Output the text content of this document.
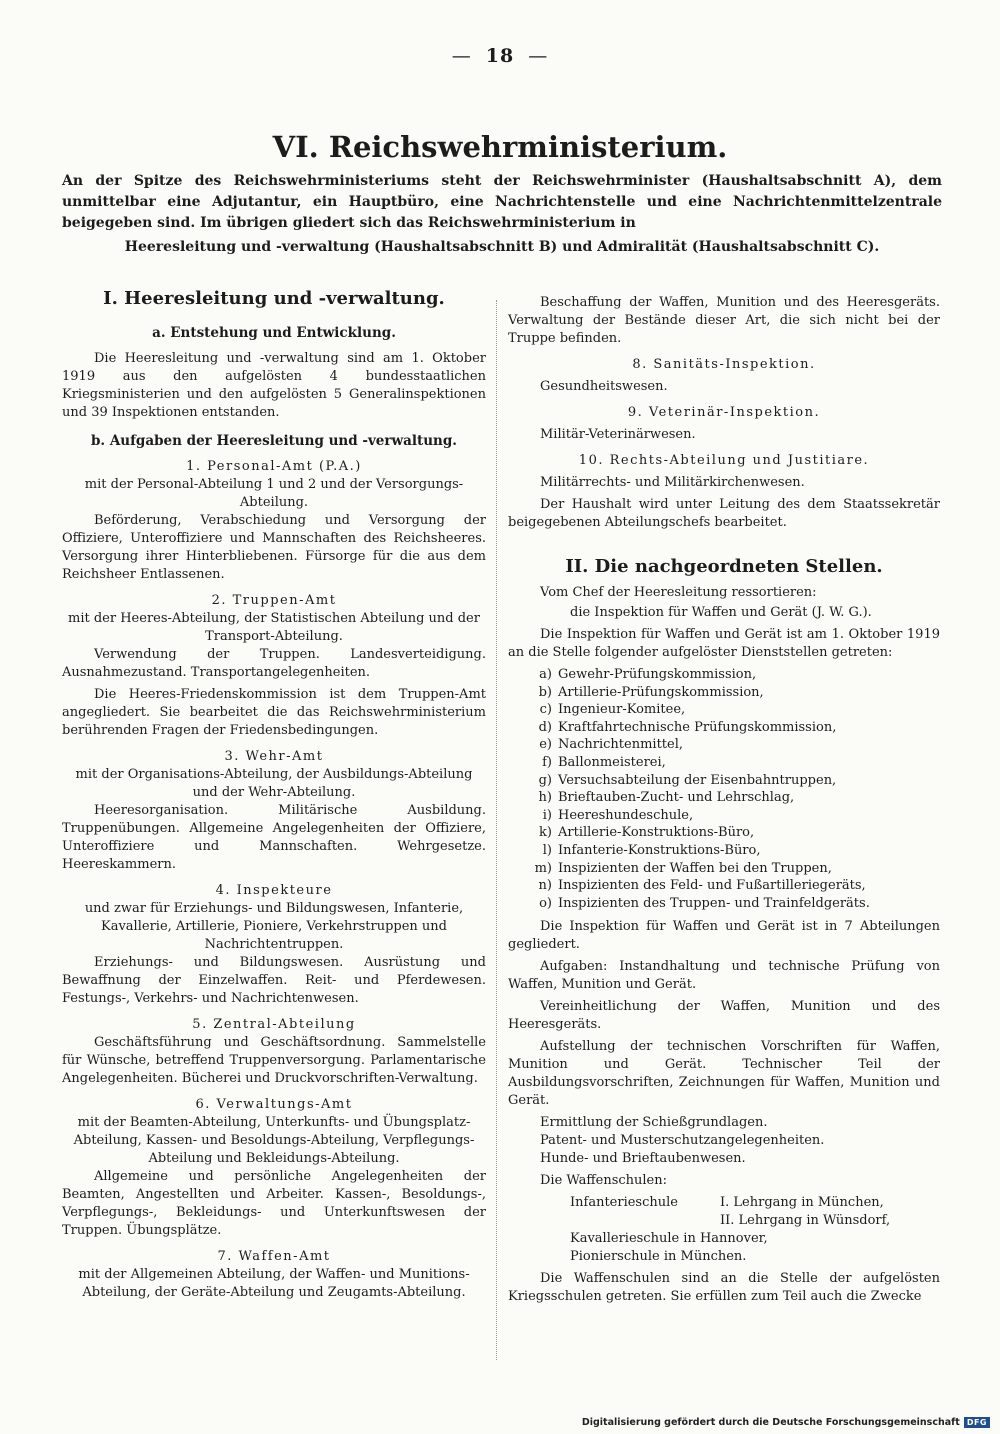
— 18 —
VI. Reichswehrministerium.
An der Spitze des Reichswehrministeriums steht der Reichswehrminister (Haushaltsabschnitt A), dem unmittelbar eine Adjutantur, ein Hauptbüro, eine Nachrichtenstelle und eine Nachrichtenmittelzentrale beigegeben sind. Im übrigen gliedert sich das Reichswehrministerium in
Heeresleitung und -verwaltung (Haushaltsabschnitt B) und Admiralität (Haushaltsabschnitt C).
I. Heeresleitung und -verwaltung.
a. Entstehung und Entwicklung.

Die Heeresleitung und -verwaltung sind am 1. Oktober 1919 aus den aufgelösten 4 bundesstaatlichen Kriegsministerien und den aufgelösten 5 Generalinspektionen und 39 Inspektionen entstanden.

b. Aufgaben der Heeresleitung und -verwaltung.
1. Personal-Amt (P.A.)
mit der Personal-Abteilung 1 und 2 und der Versorgungs-Abteilung.

Beförderung, Verabschiedung und Versorgung der Offiziere, Unteroffiziere und Mannschaften des Reichsheeres. Versorgung ihrer Hinterbliebenen. Fürsorge für die aus dem Reichsheer Entlassenen.

2. Truppen-Amt
mit der Heeres-Abteilung, der Statistischen Abteilung und der Transport-Abteilung.

Verwendung der Truppen. Landesverteidigung. Ausnahmezustand. Transportangelegenheiten.

Die Heeres-Friedenskommission ist dem Truppen-Amt angegliedert. Sie bearbeitet die das Reichswehrministerium berührenden Fragen der Friedensbedingungen.

3. Wehr-Amt
mit der Organisations-Abteilung, der Ausbildungs-Abteilung und der Wehr-Abteilung.

Heeresorganisation. Militärische Ausbildung. Truppenübungen. Allgemeine Angelegenheiten der Offiziere, Unteroffiziere und Mannschaften. Wehrgesetze. Heereskammern.

4. Inspekteure
und zwar für Erziehungs- und Bildungswesen, Infanterie, Kavallerie, Artillerie, Pioniere, Verkehrstruppen und Nachrichtentruppen.

Erziehungs- und Bildungswesen. Ausrüstung und Bewaffnung der Einzelwaffen. Reit- und Pferdewesen. Festungs-, Verkehrs- und Nachrichtenwesen.

5. Zentral-Abteilung

Geschäftsführung und Geschäftsordnung. Sammelstelle für Wünsche, betreffend Truppenversorgung. Parlamentarische Angelegenheiten. Bücherei und Druckvorschriften-Verwaltung.

6. Verwaltungs-Amt
mit der Beamten-Abteilung, Unterkunfts- und Übungsplatz-Abteilung, Kassen- und Besoldungs-Abteilung, Verpflegungs-Abteilung und Bekleidungs-Abteilung.

Allgemeine und persönliche Angelegenheiten der Beamten, Angestellten und Arbeiter. Kassen-, Besoldungs-, Verpflegungs-, Bekleidungs- und Unterkunftswesen der Truppen. Übungsplätze.

7. Waffen-Amt
mit der Allgemeinen Abteilung, der Waffen- und Munitions-Abteilung, der Geräte-Abteilung und Zeugamts-Abteilung.

Beschaffung der Waffen, Munition und des Heeresgeräts. Verwaltung der Bestände dieser Art, die sich nicht bei der Truppe befinden.

8. Sanitäts-Inspektion.

Gesundheitswesen.

9. Veterinär-Inspektion.

Militär-Veterinärwesen.

10. Rechts-Abteilung und Justitiare.

Militärrechts- und Militärkirchenwesen.

Der Haushalt wird unter Leitung des dem Staatssekretär beigegebenen Abteilungschefs bearbeitet.

II. Die nachgeordneten Stellen.

Vom Chef der Heeresleitung ressortieren:

die Inspektion für Waffen und Gerät (J. W. G.).

Die Inspektion für Waffen und Gerät ist am 1. Oktober 1919 an die Stelle folgender aufgelöster Dienststellen getreten:

a) Gewehr-Prüfungskommission,
b) Artillerie-Prüfungskommission,
c) Ingenieur-Komitee,
d) Kraftfahrtechnische Prüfungskommission,
e) Nachrichtenmittel,
f) Ballonmeisterei,
g) Versuchsabteilung der Eisenbahntruppen,
h) Brieftauben-Zucht- und Lehrschlag,
i) Heereshundeschule,
k) Artillerie-Konstruktions-Büro,
l) Infanterie-Konstruktions-Büro,
m) Inspizienten der Waffen bei den Truppen,
n) Inspizienten des Feld- und Fußartilleriegeräts,
o) Inspizienten des Truppen- und Trainfeldgeräts.

Die Inspektion für Waffen und Gerät ist in 7 Abteilungen gegliedert.

Aufgaben: Instandhaltung und technische Prüfung von Waffen, Munition und Gerät.

Vereinheitlichung der Waffen, Munition und des Heeresgeräts.

Aufstellung der technischen Vorschriften für Waffen, Munition und Gerät. Technischer Teil der Ausbildungsvorschriften, Zeichnungen für Waffen, Munition und Gerät.

Ermittlung der Schießgrundlagen.

Patent- und Musterschutzangelegenheiten.

Hunde- und Brieftaubenwesen.

Die Waffenschulen:

Infanterieschule	I. Lehrgang in München,
II. Lehrgang in Wünsdorf,
Kavallerieschule in Hannover,
Pionierschule in München.

Die Waffenschulen sind an die Stelle der aufgelösten Kriegsschulen getreten. Sie erfüllen zum Teil auch die Zwecke

Digitalisierung gefördert durch die Deutsche Forschungsgemeinschaft DFG
